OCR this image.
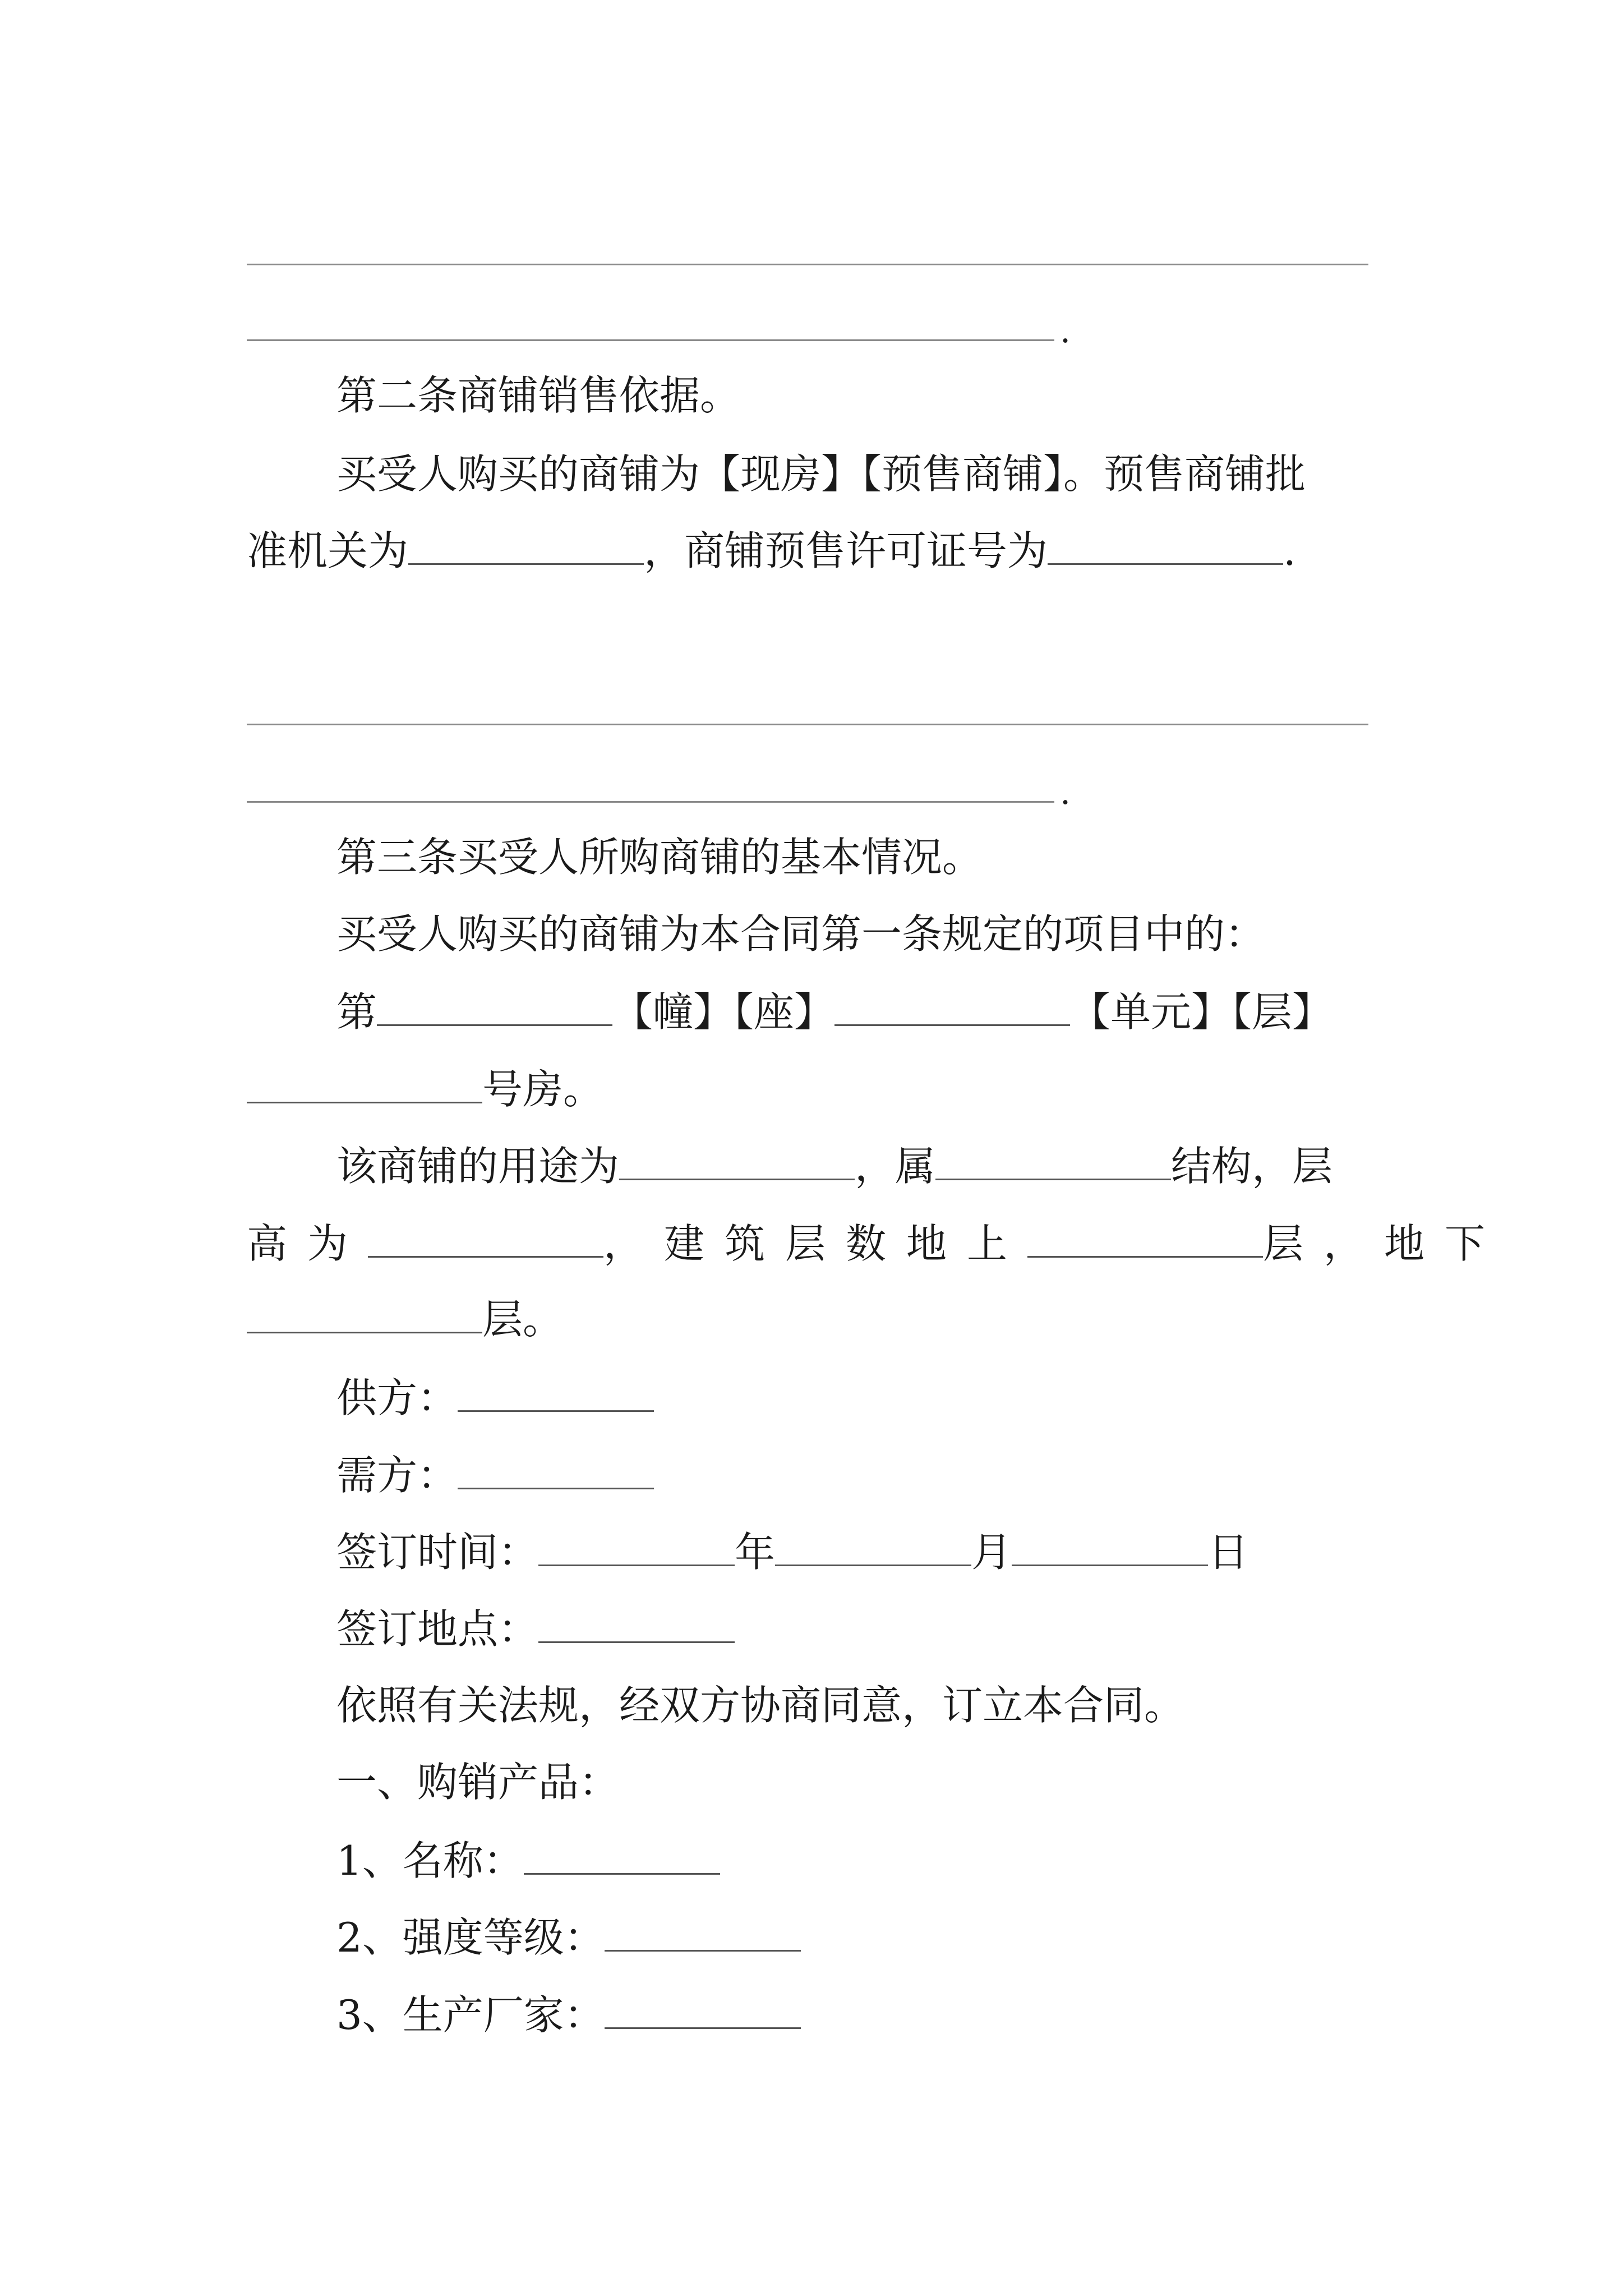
.
第二条商铺销售依据。
买受人购买的商铺为【现房】【预售商铺】。预售商铺批
准机关为	，商铺预售许可证号为	.
.
第三条买受人所购商铺的基本情况。
买受人购买的商铺为本合同第一条规定的项目中的：
第	【幢】【座】	【单元】【层】
号房。
该商铺的用途为	，属	结构，层
高为	，建筑层数地上	层，地下
层。
供方：
需方：
签订时间：	年	月	日
签订地点：
依照有关法规，经双方协商同意，订立本合同。
一、购销产品：
1、名称：
2、强度等级：
3、生产厂家：
